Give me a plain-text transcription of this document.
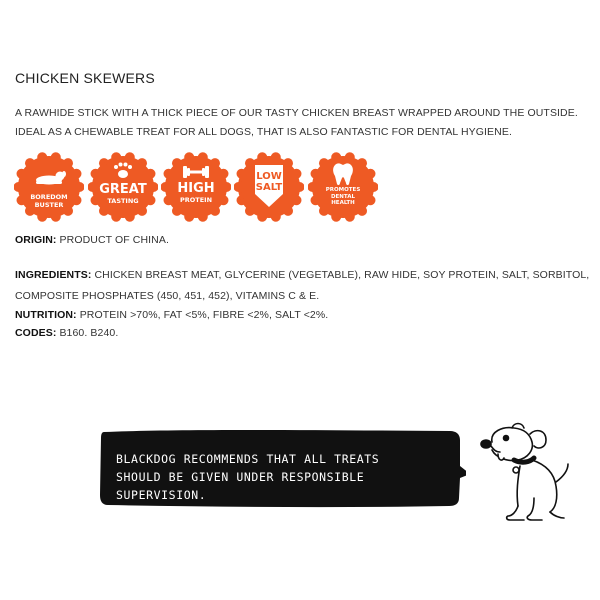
CHICKEN SKEWERS
A RAWHIDE STICK WITH A THICK PIECE OF OUR TASTY CHICKEN BREAST WRAPPED AROUND THE OUTSIDE. IDEAL AS A CHEWABLE TREAT FOR ALL DOGS, THAT IS ALSO FANTASTIC FOR DENTAL HYGIENE.
BOREDOM
BUSTER
GREAT
TASTING
HIGH
PROTEIN
LOW
SALT	PROMOTES
DENTAL
HEALTH
ORIGIN: PRODUCT OF CHINA.
INGREDIENTS: CHICKEN BREAST MEAT, GLYCERINE (VEGETABLE), RAW HIDE, SOY PROTEIN, SALT, SORBITOL,
COMPOSITE PHOSPHATES (450, 451, 452), VITAMINS C & E.
NUTRITION: PROTEIN >70%, FAT <5%, FIBRE <2%, SALT <2%.
CODES: B160. B240.
BLACKDOG RECOMMENDS THAT ALL TREATS
SHOULD BE GIVEN UNDER RESPONSIBLE SUPERVISION.
